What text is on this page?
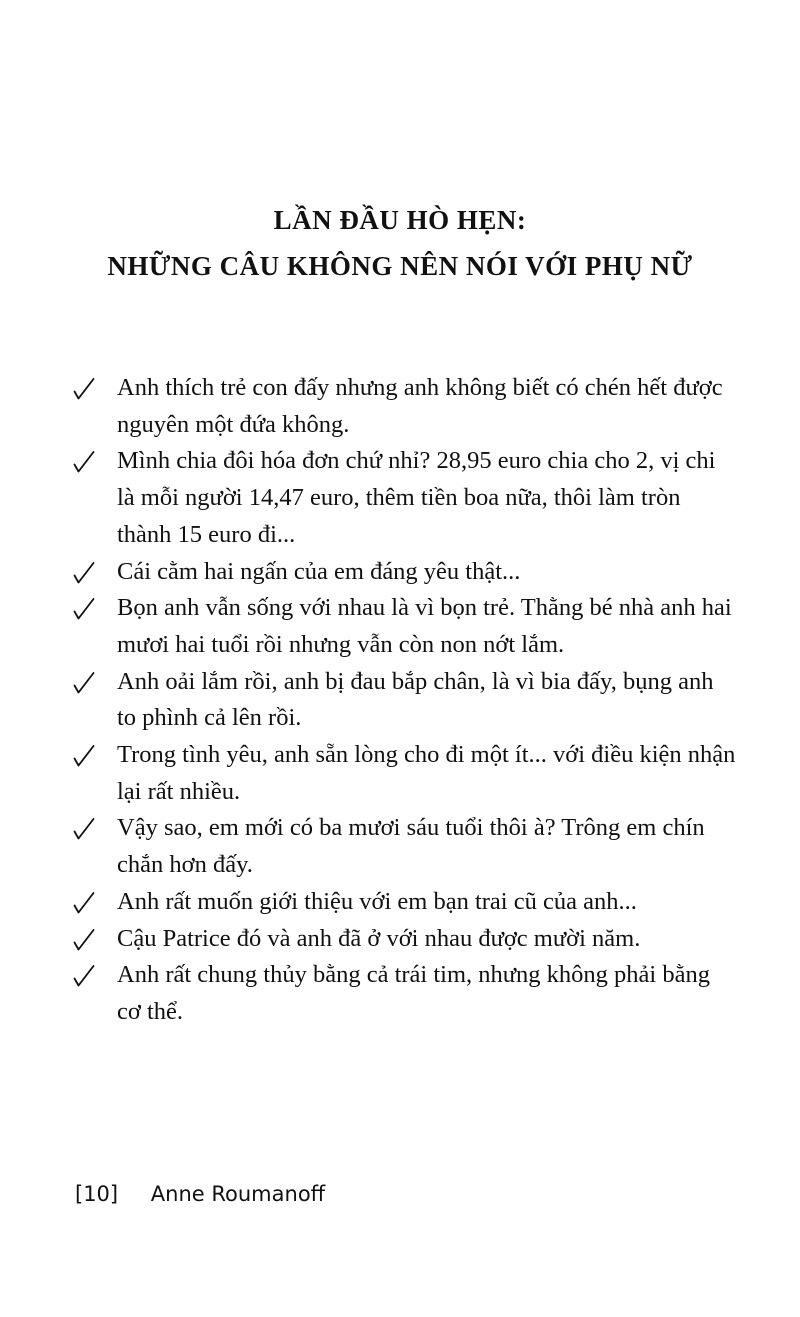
LẦN ĐẦU HÒ HẸN:
NHỮNG CÂU KHÔNG NÊN NÓI VỚI PHỤ NỮ
Anh thích trẻ con đấy nhưng anh không biết có chén hết được nguyên một đứa không.
Mình chia đôi hóa đơn chứ nhỉ? 28,95 euro chia cho 2, vị chi là mỗi người 14,47 euro, thêm tiền boa nữa, thôi làm tròn thành 15 euro đi...
Cái cằm hai ngấn của em đáng yêu thật...
Bọn anh vẫn sống với nhau là vì bọn trẻ. Thằng bé nhà anh hai mươi hai tuổi rồi nhưng vẫn còn non nớt lắm.
Anh oải lắm rồi, anh bị đau bắp chân, là vì bia đấy, bụng anh to phình cả lên rồi.
Trong tình yêu, anh sẵn lòng cho đi một ít... với điều kiện nhận lại rất nhiều.
Vậy sao, em mới có ba mươi sáu tuổi thôi à? Trông em chín chắn hơn đấy.
Anh rất muốn giới thiệu với em bạn trai cũ của anh...
Cậu Patrice đó và anh đã ở với nhau được mười năm.
Anh rất chung thủy bằng cả trái tim, nhưng không phải bằng cơ thể.
[10] Anne Roumanoff
